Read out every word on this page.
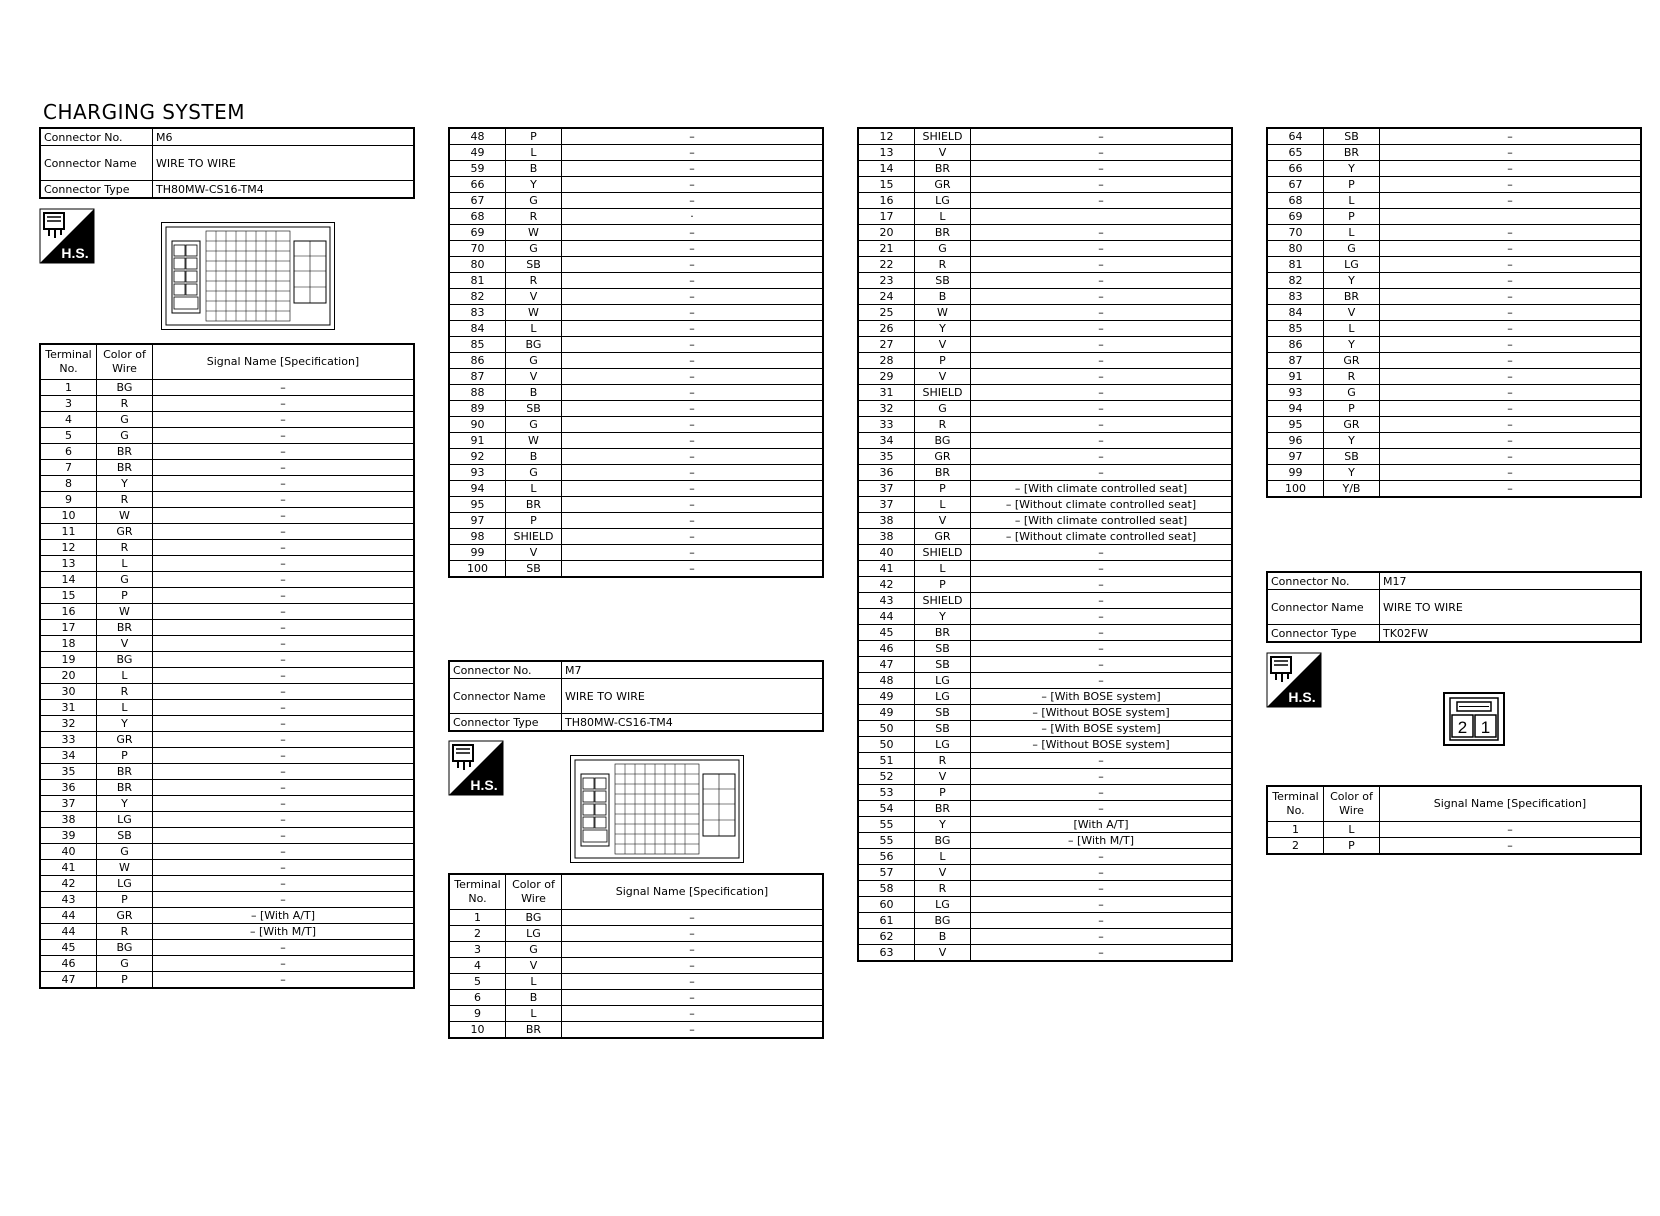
CHARGING SYSTEM
Connector No.	M6
Connector Name	WIRE TO WIRE
Connector Type	TH80MW-CS16-TM4
H.S.
Terminal No.	Color of Wire	Signal Name [Specification]
1	BG	–
3	R	–
4	G	–
5	G	–
6	BR	–
7	BR	–
8	Y	–
9	R	–
10	W	–
11	GR	–
12	R	–
13	L	–
14	G	–
15	P	–
16	W	–
17	BR	–
18	V	–
19	BG	–
20	L	–
30	R	–
31	L	–
32	Y	–
33	GR	–
34	P	–
35	BR	–
36	BR	–
37	Y	–
38	LG	–
39	SB	–
40	G	–
41	W	–
42	LG	–
43	P	–
44	GR	– [With A/T]
44	R	– [With M/T]
45	BG	–
46	G	–
47	P	–
48	P	–
49	L	–
59	B	–
66	Y	–
67	G	–
68	R	·
69	W	–
70	G	–
80	SB	–
81	R	–
82	V	–
83	W	–
84	L	–
85	BG	–
86	G	–
87	V	–
88	B	–
89	SB	–
90	G	–
91	W	–
92	B	–
93	G	–
94	L	–
95	BR	–
97	P	–
98	SHIELD	–
99	V	–
100	SB	–
Connector No.	M7
Connector Name	WIRE TO WIRE
Connector Type	TH80MW-CS16-TM4
H.S.
Terminal No.	Color of Wire	Signal Name [Specification]
1	BG	–
2	LG	–
3	G	–
4	V	–
5	L	–
6	B	–
9	L	–
10	BR	–
12	SHIELD	–
13	V	–
14	BR	–
15	GR	–
16	LG	–
17	L	
20	BR	–
21	G	–
22	R	–
23	SB	–
24	B	–
25	W	–
26	Y	–
27	V	–
28	P	–
29	V	–
31	SHIELD	–
32	G	–
33	R	–
34	BG	–
35	GR	–
36	BR	–
37	P	– [With climate controlled seat]
37	L	– [Without climate controlled seat]
38	V	– [With climate controlled seat]
38	GR	– [Without climate controlled seat]
40	SHIELD	–
41	L	–
42	P	–
43	SHIELD	–
44	Y	–
45	BR	–
46	SB	–
47	SB	–
48	LG	–
49	LG	– [With BOSE system]
49	SB	– [Without BOSE system]
50	SB	– [With BOSE system]
50	LG	– [Without BOSE system]
51	R	–
52	V	–
53	P	–
54	BR	–
55	Y	[With A/T]
55	BG	– [With M/T]
56	L	–
57	V	–
58	R	–
60	LG	–
61	BG	–
62	B	–
63	V	–
64	SB	–
65	BR	–
66	Y	–
67	P	–
68	L	–
69	P	
70	L	–
80	G	–
81	LG	–
82	Y	–
83	BR	–
84	V	–
85	L	–
86	Y	–
87	GR	–
91	R	–
93	G	–
94	P	–
95	GR	–
96	Y	–
97	SB	–
99	Y	–
100	Y/B	–
Connector No.	M17
Connector Name	WIRE TO WIRE
Connector Type	TK02FW
H.S.
2 1
Terminal No.	Color of Wire	Signal Name [Specification]
1	L	–
2	P	–
